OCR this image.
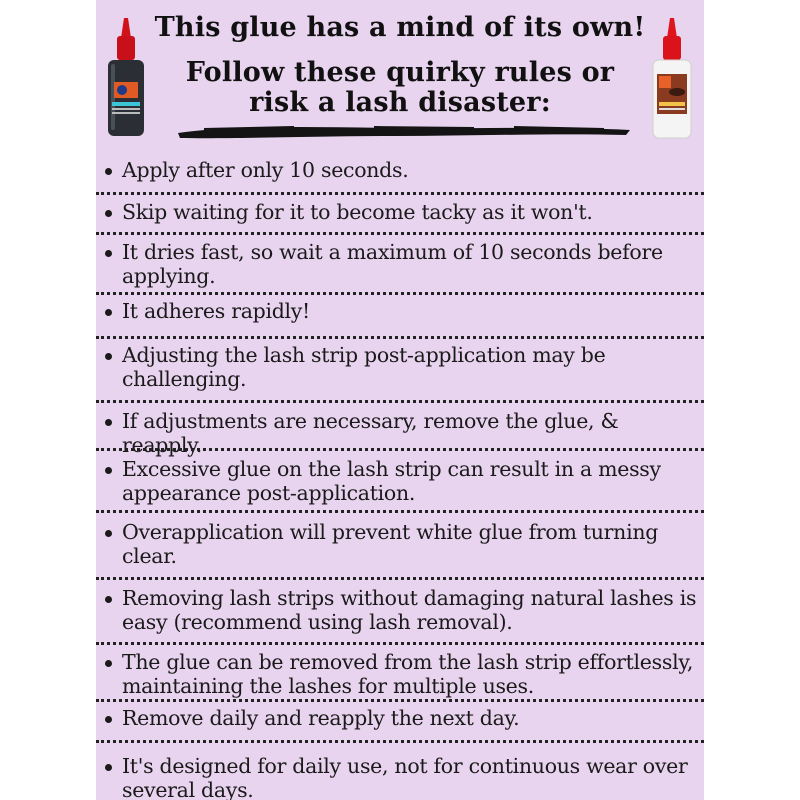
This glue has a mind of its own!
Follow these quirky rules or
risk a lash disaster:
Apply after only 10 seconds.
Skip waiting for it to become tacky as it won't.
It dries fast, so wait a maximum of 10 seconds before applying.
It adheres rapidly!
Adjusting the lash strip post-application may be challenging.
If adjustments are necessary, remove the glue, & reapply.
Excessive glue on the lash strip can result in a messy appearance post-application.
Overapplication will prevent white glue from turning clear.
Removing lash strips without damaging natural lashes is easy (recommend using lash removal).
The glue can be removed from the lash strip effortlessly, maintaining the lashes for multiple uses.
Remove daily and reapply the next day.
It's designed for daily use, not for continuous wear over several days.
